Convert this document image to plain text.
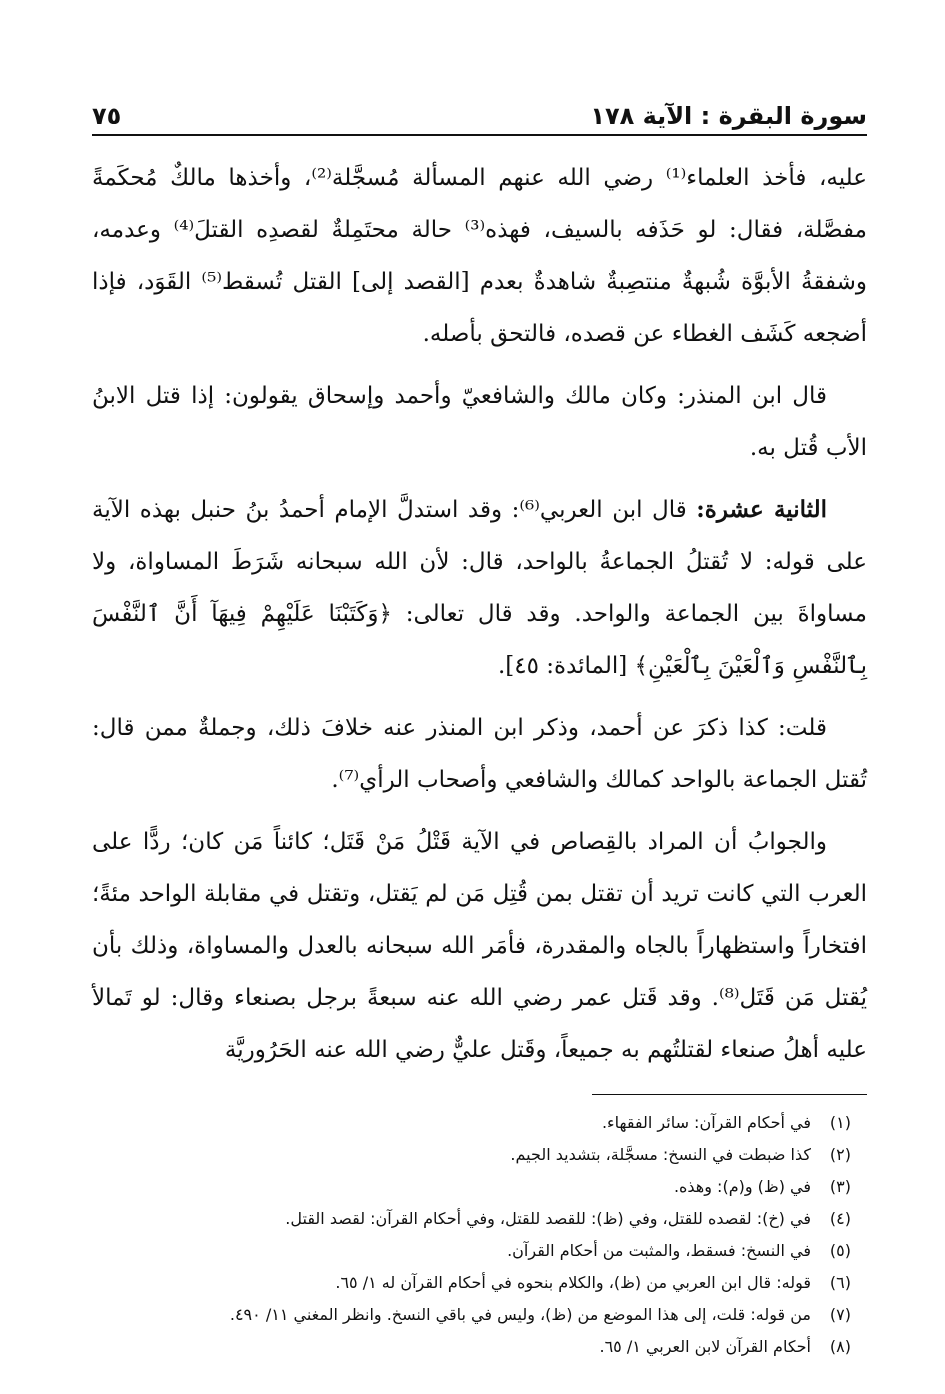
سورة البقرة : الآية ١٧٨
٧٥

عليه، فأخذ العلماء⁽¹⁾ رضي الله عنهم المسألة مُسجَّلة⁽²⁾، وأخذها مالكٌ مُحكَمةً مفصَّلة، فقال: لو حَذَفه بالسيف، فهذه⁽³⁾ حالة محتَمِلةٌ لقصدِه القتلَ⁽⁴⁾ وعدمه، وشفقةُ الأبوَّة شُبهةٌ منتصِبةٌ شاهدةٌ بعدم [القصد إلى] القتل تُسقط⁽⁵⁾ القَوَد، فإذا أضجعه كَشَف الغطاء عن قصده، فالتحق بأصله.

قال ابن المنذر: وكان مالك والشافعيّ وأحمد وإسحاق يقولون: إذا قتل الابنُ الأب قُتل به.

الثانية عشرة: قال ابن العربي⁽⁶⁾: وقد استدلَّ الإمام أحمدُ بنُ حنبل بهذه الآية على قوله: لا تُقتلُ الجماعةُ بالواحد، قال: لأن الله سبحانه شَرَطَ المساواة، ولا مساواةَ بين الجماعة والواحد. وقد قال تعالى: ﴿وَكَتَبْنَا عَلَيْهِمْ فِيهَآ أَنَّ ٱلنَّفْسَ بِٱلنَّفْسِ وَٱلْعَيْنَ بِٱلْعَيْنِ﴾ [المائدة: ٤٥].

قلت: كذا ذكرَ عن أحمد، وذكر ابن المنذر عنه خلافَ ذلك، وجملةٌ ممن قال: تُقتل الجماعة بالواحد كمالك والشافعي وأصحاب الرأي⁽⁷⁾.

والجوابُ أن المراد بالقِصاص في الآية قَتْلُ مَنْ قَتَل؛ كائناً مَن كان؛ ردًّا على العرب التي كانت تريد أن تقتل بمن قُتِل مَن لم يَقتل، وتقتل في مقابلة الواحد مئةً؛ افتخاراً واستظهاراً بالجاه والمقدرة، فأمَر الله سبحانه بالعدل والمساواة، وذلك بأن يُقتل مَن قَتَل⁽⁸⁾. وقد قَتل عمر رضي الله عنه سبعةً برجل بصنعاء وقال: لو تَمالأ عليه أهلُ صنعاء لقتلتُهم به جميعاً، وقَتل عليٌّ رضي الله عنه الحَرُوريَّة

(١)
في أحكام القرآن: سائر الفقهاء.
(٢)
كذا ضبطت في النسخ: مسجَّلة، بتشديد الجيم.
(٣)
في (ظ) و(م): وهذه.
(٤)
في (خ): لقصده للقتل، وفي (ظ): للقصد للقتل، وفي أحكام القرآن: لقصد القتل.
(٥)
في النسخ: فسقط، والمثبت من أحكام القرآن.
(٦)
قوله: قال ابن العربي من (ظ)، والكلام بنحوه في أحكام القرآن له ١/ ٦٥.
(٧)
من قوله: قلت، إلى هذا الموضع من (ظ)، وليس في باقي النسخ. وانظر المغني ١١/ ٤٩٠.
(٨)
أحكام القرآن لابن العربي ١/ ٦٥.
